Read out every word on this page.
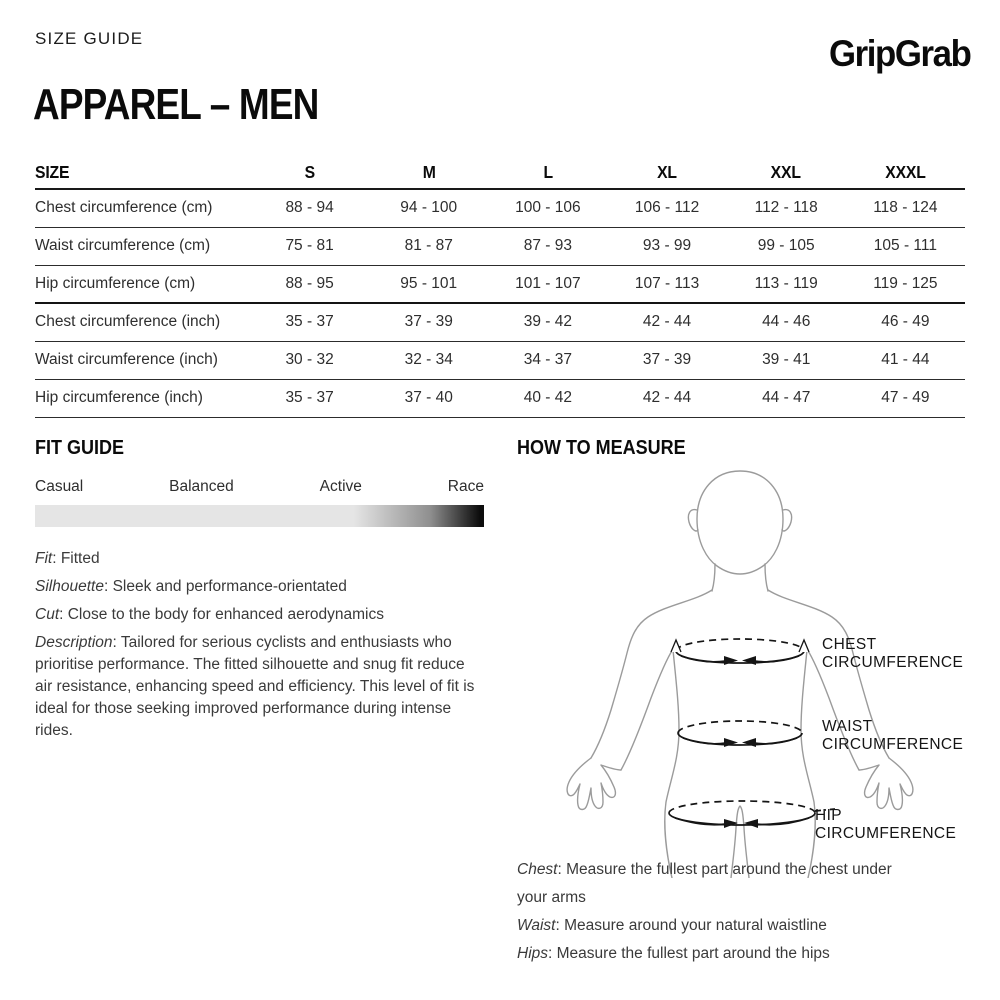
SIZE GUIDE	GripGrab
APPAREL – MEN
SIZE	S	M	L	XL	XXL	XXXL
Chest circumference (cm)	88 - 94	94 - 100	100 - 106	106 - 112	112 - 118	118 - 124
Waist circumference (cm)	75 - 81	81 - 87	87 - 93	93 - 99	99 - 105	105 - 111
Hip circumference (cm)	88 - 95	95 - 101	101 - 107	107 - 113	113 - 119	119 - 125
Chest circumference (inch)	35 - 37	37 - 39	39 - 42	42 - 44	44 - 46	46 - 49
Waist circumference (inch)	30 - 32	32 - 34	34 - 37	37 - 39	39 - 41	41 - 44
Hip circumference (inch)	35 - 37	37 - 40	40 - 42	42 - 44	44 - 47	47 - 49
FIT GUIDE
Casual	Balanced	Active	Race

Fit: Fitted

Silhouette: Sleek and performance-orientated

Cut: Close to the body for enhanced aerodynamics

Description: Tailored for serious cyclists and enthusiasts who prioritise performance. The fitted silhouette and snug fit reduce air resistance, enhancing speed and efficiency. This level of fit is ideal for those seeking improved performance during intense rides.

HOW TO MEASURE
CHEST
CIRCUMFERENCE
WAIST
CIRCUMFERENCE
HIP
CIRCUMFERENCE

Chest: Measure the fullest part around the chest under your arms

Waist: Measure around your natural waistline

Hips: Measure the fullest part around the hips
